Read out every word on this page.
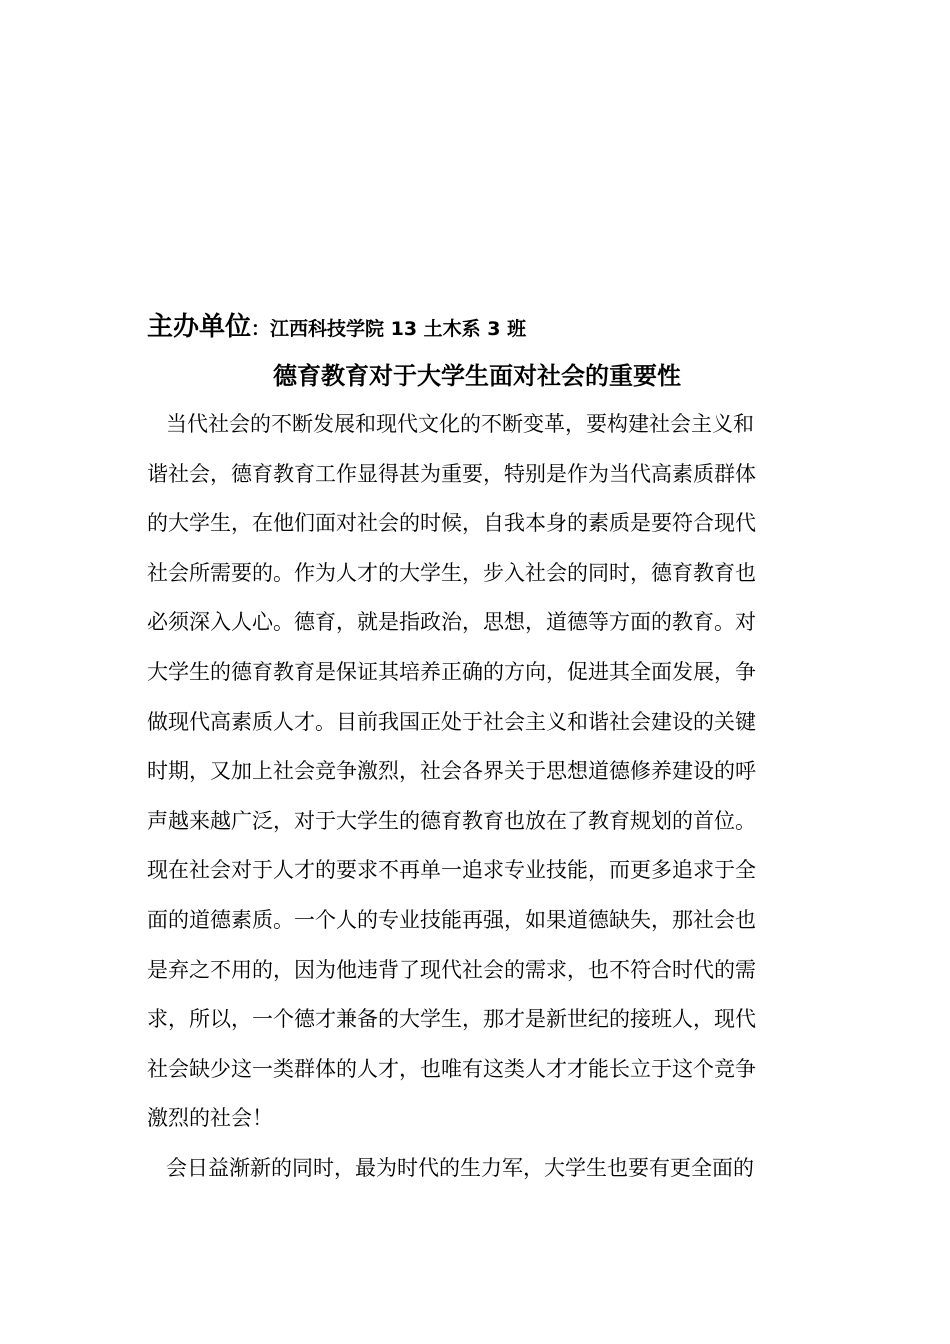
主办单位：江西科技学院 13 土木系 3 班
德育教育对于大学生面对社会的重要性
当代社会的不断发展和现代文化的不断变革，要构建社会主义和
谐社会，德育教育工作显得甚为重要，特别是作为当代高素质群体
的大学生，在他们面对社会的时候，自我本身的素质是要符合现代
社会所需要的。作为人才的大学生，步入社会的同时，德育教育也
必须深入人心。德育，就是指政治，思想，道德等方面的教育。对
大学生的德育教育是保证其培养正确的方向，促进其全面发展，争
做现代高素质人才。目前我国正处于社会主义和谐社会建设的关键
时期，又加上社会竞争激烈，社会各界关于思想道德修养建设的呼
声越来越广泛，对于大学生的德育教育也放在了教育规划的首位。
现在社会对于人才的要求不再单一追求专业技能，而更多追求于全
面的道德素质。一个人的专业技能再强，如果道德缺失，那社会也
是弃之不用的，因为他违背了现代社会的需求，也不符合时代的需
求，所以，一个德才兼备的大学生，那才是新世纪的接班人，现代
社会缺少这一类群体的人才，也唯有这类人才才能长立于这个竞争
激烈的社会！
会日益渐新的同时，最为时代的生力军，大学生也要有更全面的
